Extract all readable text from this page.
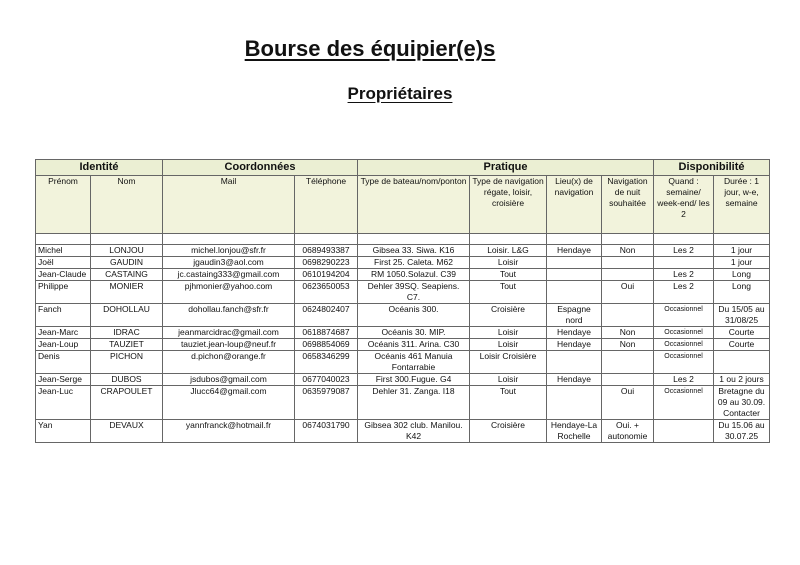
Bourse des équipier(e)s
Propriétaires
Identité		Coordonnées		Pratique				Disponibilité	
Prénom	Nom	Mail	Téléphone	Type de bateau/nom/ponton	Type de navigation régate, loisir, croisière	Lieu(x) de navigation	Navigation de nuit souhaitée	Quand : semaine/ week-end/ les 2	Durée : 1 jour, w-e, semaine

Michel	LONJOU	michel.lonjou@sfr.fr	0689493387	Gibsea 33. Siwa. K16	Loisir. L&G	Hendaye	Non	Les 2	1 jour
Joël	GAUDIN	jgaudin3@aol.com	0698290223	First 25. Caleta. M62	Loisir				1 jour
Jean-Claude	CASTAING	jc.castaing333@gmail.com	0610194204	RM 1050.Solazul. C39	Tout			Les 2	Long
Philippe	MONIER	pjhmonier@yahoo.com	0623650053	Dehler 39SQ. Seapiens. C7.	Tout		Oui	Les 2	Long
Fanch	DOHOLLAU	dohollau.fanch@sfr.fr	0624802407	Océanis 300.	Croisière	Espagne nord		Occasionnel	Du 15/05 au 31/08/25
Jean-Marc	IDRAC	jeanmarcidrac@gmail.com	0618874687	Océanis 30. MIP.	Loisir	Hendaye	Non	Occasionnel	Courte
Jean-Loup	TAUZIET	tauziet.jean-loup@neuf.fr	0698854069	Océanis 311. Arina. C30	Loisir	Hendaye	Non	Occasionnel	Courte
Denis	PICHON	d.pichon@orange.fr	0658346299	Océanis 461 Manuia Fontarrabie	Loisir Croisière			Occasionnel	
Jean-Serge	DUBOS	jsdubos@gmail.com	0677040023	First 300.Fugue. G4	Loisir	Hendaye		Les 2	1 ou 2 jours
Jean-Luc	CRAPOULET	Jlucc64@gmail.com	0635979087	Dehler 31. Zanga. I18	Tout		Oui	Occasionnel	Bretagne du 09 au 30.09. Contacter
Yan	DEVAUX	yannfranck@hotmail.fr	0674031790	Gibsea 302 club. Manilou. K42	Croisière	Hendaye-La Rochelle	Oui. + autonomie		Du 15.06 au 30.07.25
